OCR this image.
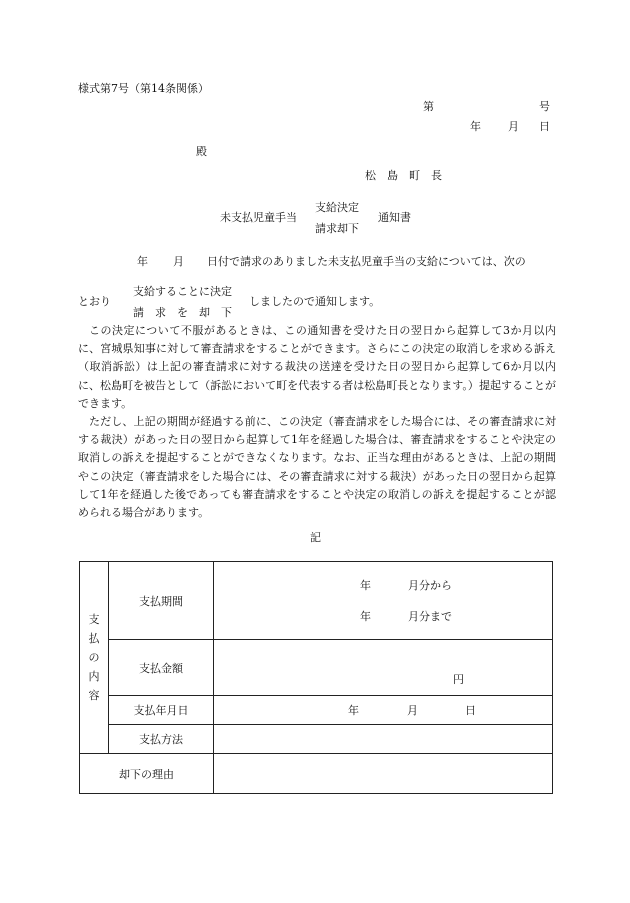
様式第7号（第14条関係）
第	号
年 月 日
殿
松　島　町　長
未支払児童手当
支給決定
請求却下
通知書
年 月 日付で請求のありました未支払児童手当の支給については、次の
とおり
支給することに決定
請　求　を　却　下
しましたので通知します。

この決定について不服があるときは、この通知書を受けた日の翌日から起算して3か月以内に、宮城県知事に対して審査請求をすることができます。さらにこの決定の取消しを求める訴え（取消訴訟）は上記の審査請求に対する裁決の送達を受けた日の翌日から起算して6か月以内に、松島町を被告として（訴訟において町を代表する者は松島町長となります。）提起することができます。

ただし、上記の期間が経過する前に、この決定（審査請求をした場合には、その審査請求に対する裁決）があった日の翌日から起算して1年を経過した場合は、審査請求をすることや決定の取消しの訴えを提起することができなくなります。なお、正当な理由があるときは、上記の期間やこの決定（審査請求をした場合には、その審査請求に対する裁決）があった日の翌日から起算して1年を経過した後であっても審査請求をすることや決定の取消しの訴えを提起することが認められる場合があります。

記
支
払
の
内
容	支払期間	年 月分から
年 月分まで

	支払金額	円

	支払年月日	年 月 日

	支払方法	
却下の理由		
